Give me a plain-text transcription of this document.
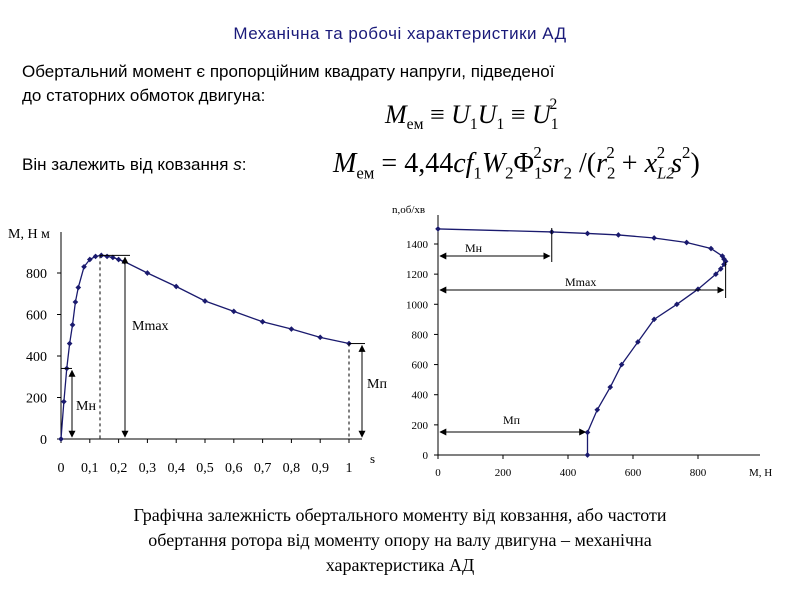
Механічна та робочі характеристики АД
Обертальний момент є пропорційним квадрату напруги, підведеної
до статорних обмоток двигуна:
Він залежить від ковзання s:
$M_{ем} \equiv U_1U_1 \equiv U_1^2$
$M_{ем} = 4,44cf_1W_2\Phi_1^2sr_2$ $/(r_2^2 + x_{L2}^2$ $s^2$)
0
200
400
600
800
0 0,1 0,2 0,3 0,4 0,5 0,6 0,7 0,8 0,9 1
М, Н м
s
Мн
Mmax
Мп
0
200
400
600
800
1000
1200
1400
0	200	400	600	800
n,об/хв
М, Н
Мн
Mmax
Мп
Графічна залежність обертального моменту від ковзання, або частоти
обертання ротора від моменту опору на валу двигуна – механічна
характеристика АД
